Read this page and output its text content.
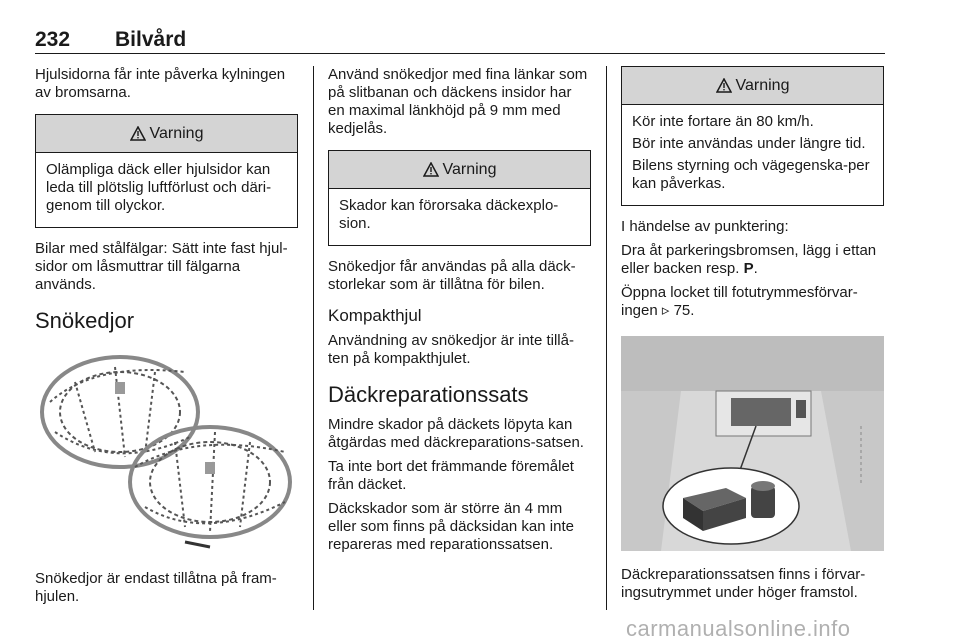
232 Bilvård

Hjulsidorna får inte påverka kylningen av bromsarna.

Varning

Olämpliga däck eller hjulsidor kan leda till plötslig luftförlust och däri-genom till olyckor.

Bilar med stålfälgar: Sätt inte fast hjul-sidor om låsmuttrar till fälgarna används.

Snökedjor

Snökedjor är endast tillåtna på fram-hjulen.

Använd snökedjor med fina länkar som på slitbanan och däckens insidor har en maximal länkhöjd på 9 mm med kedjelås.

Varning

Skador kan förorsaka däckexplo-sion.

Snökedjor får användas på alla däck-storlekar som är tillåtna för bilen.

Kompakthjul

Användning av snökedjor är inte tillå-ten på kompakthjulet.

Däckreparationssats

Mindre skador på däckets löpyta kan åtgärdas med däckreparations-satsen.

Ta inte bort det främmande föremålet från däcket.

Däckskador som är större än 4 mm eller som finns på däcksidan kan inte repareras med reparationssatsen.

Varning

Kör inte fortare än 80 km/h.

Bör inte användas under längre tid.

Bilens styrning och vägegenska-per kan påverkas.

I händelse av punktering:

Dra åt parkeringsbromsen, lägg i ettan eller backen resp. P.

Öppna locket till fotutrymmesförvar-ingen ▹ 75.

Däckreparationssatsen finns i förvar-ingsutrymmet under höger framstol.

carmanualsonline.info
